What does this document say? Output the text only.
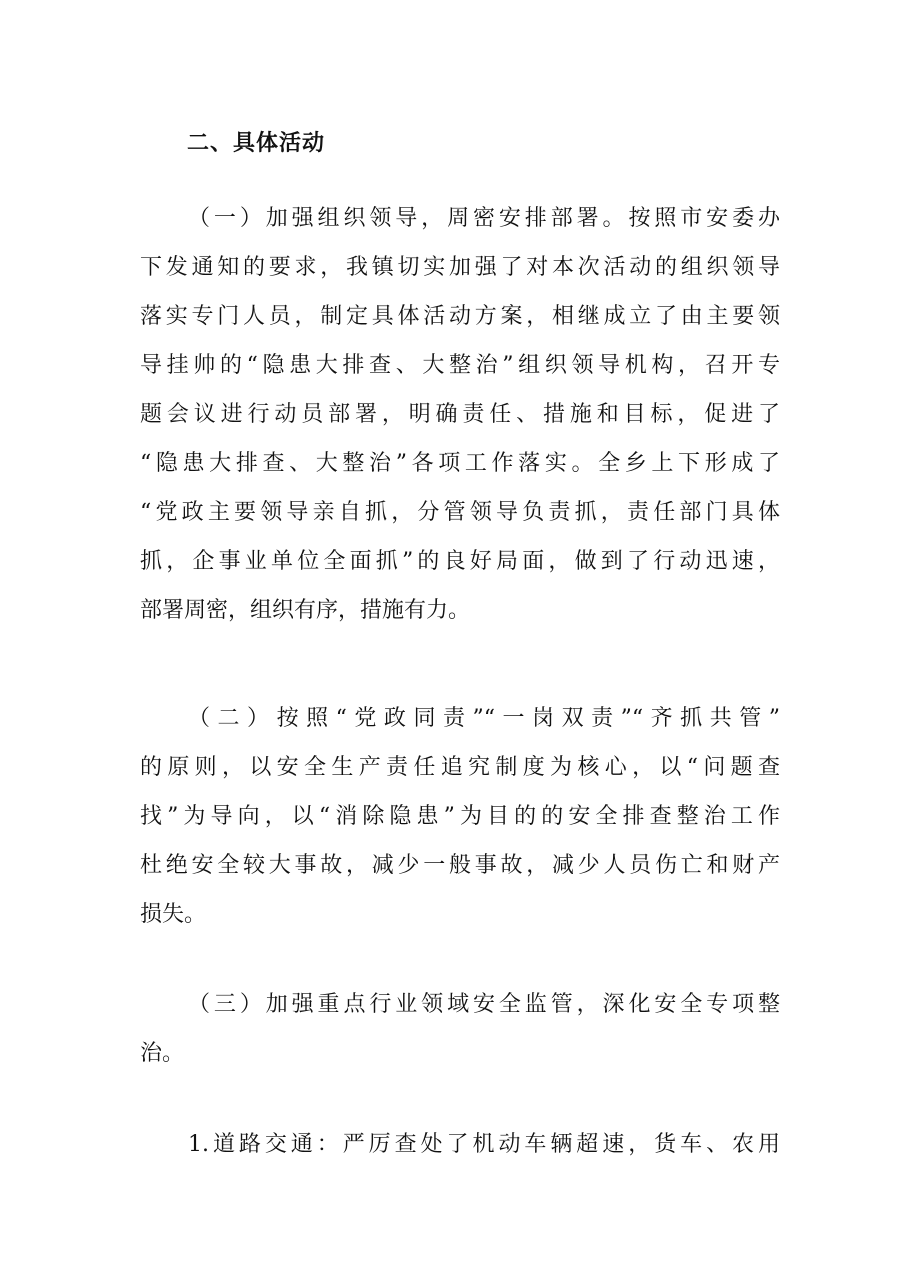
二、具体活动
（一）加强组织领导，周密安排部署。按照市安委办
下发通知的要求，我镇切实加强了对本次活动的组织领导
落实专门人员，制定具体活动方案，相继成立了由主要领
导挂帅的“隐患大排查、大整治”组织领导机构，召开专
题会议进行动员部署，明确责任、措施和目标，促进了
“隐患大排查、大整治”各项工作落实。全乡上下形成了
“党政主要领导亲自抓，分管领导负责抓，责任部门具体
抓，企事业单位全面抓”的良好局面，做到了行动迅速，
部署周密，组织有序，措施有力。
（二）按照“党政同责”“一岗双责”“齐抓共管”
的原则，以安全生产责任追究制度为核心，以“问题查
找”为导向，以“消除隐患”为目的的安全排查整治工作
杜绝安全较大事故，减少一般事故，减少人员伤亡和财产
损失。
（三）加强重点行业领域安全监管，深化安全专项整
治。
1.道路交通：严厉查处了机动车辆超速，货车、农用
